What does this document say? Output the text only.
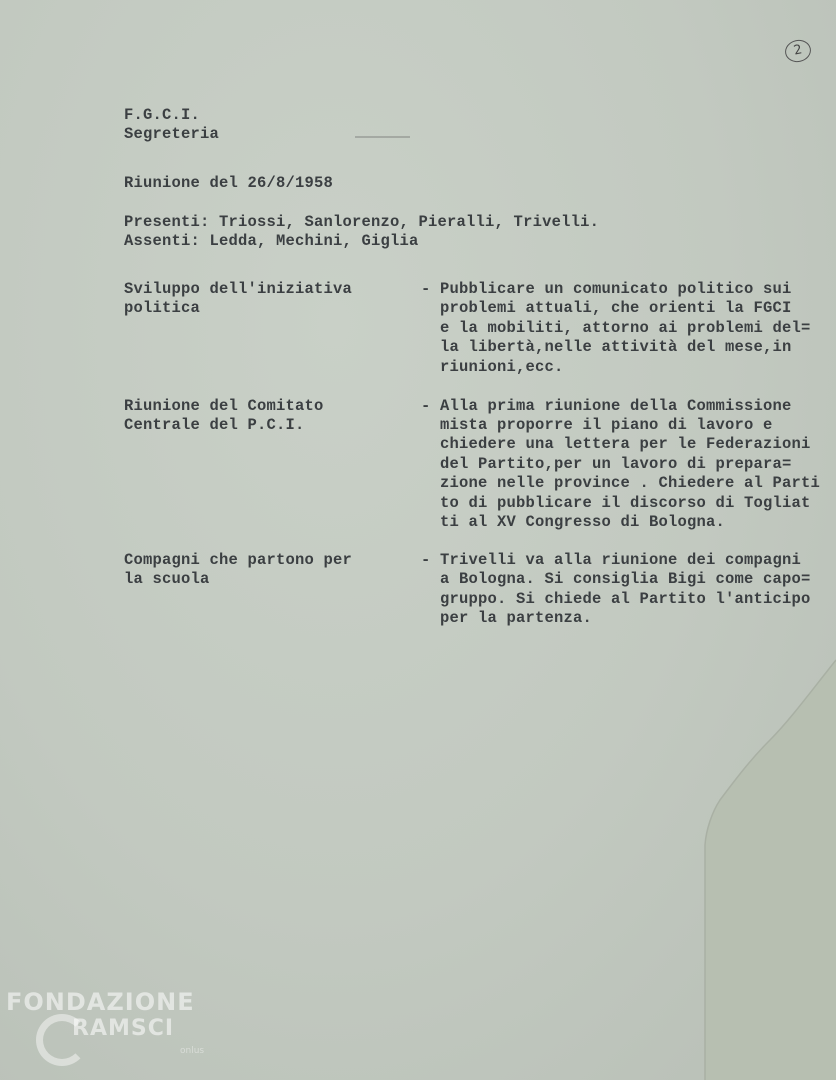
2
F.G.C.I.
Segreteria
Riunione del 26/8/1958
Presenti: Triossi, Sanlorenzo, Pieralli, Trivelli.
Assenti: Ledda, Mechini, Giglia
Sviluppo dell'iniziativa
politica
- Pubblicare un comunicato politico sui
problemi attuali, che orienti la FGCI
e la mobiliti, attorno ai problemi del=
la libertà,nelle attività del mese,in
riunioni,ecc.
Riunione del Comitato
Centrale del P.C.I.
- Alla prima riunione della Commissione
mista proporre il piano di lavoro e
chiedere una lettera per le Federazioni
del Partito,per un lavoro di prepara=
zione nelle province . Chiedere al Parti
to di pubblicare il discorso di Togliat
ti al XV Congresso di Bologna.
Compagni che partono per
la scuola
- Trivelli va alla riunione dei compagni
a Bologna. Si consiglia Bigi come capo=
gruppo. Si chiede al Partito l'anticipo
per la partenza.
FONDAZIONE
RAMSCI
onlus
